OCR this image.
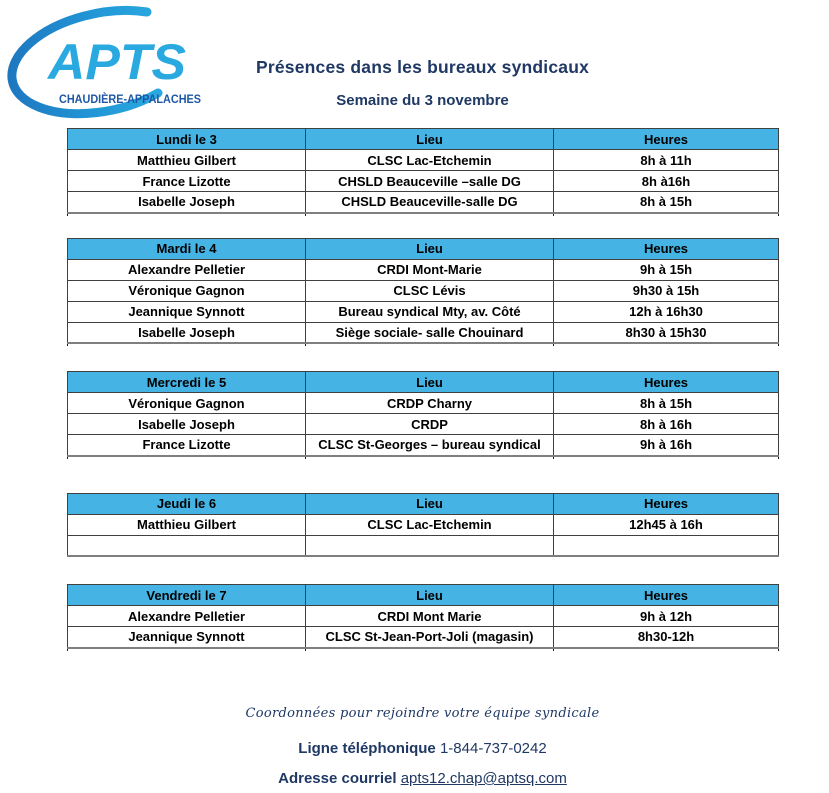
APTS
CHAUDIÈRE-APPALACHES
Présences dans les bureaux syndicaux
Semaine du 3 novembre
Lundi le 3	Lieu	Heures
Matthieu Gilbert	CLSC Lac-Etchemin	8h à 11h
France Lizotte	CHSLD Beauceville –salle DG	8h à16h
Isabelle Joseph	CHSLD Beauceville-salle DG	8h à 15h

Mardi le 4	Lieu	Heures
Alexandre Pelletier	CRDI Mont-Marie	9h à 15h
Véronique Gagnon	CLSC Lévis	9h30 à 15h
Jeannique Synnott	Bureau syndical Mty, av. Côté	12h à 16h30
Isabelle Joseph	Siège sociale- salle Chouinard	8h30 à 15h30

Mercredi le 5	Lieu	Heures
Véronique Gagnon	CRDP Charny	8h à 15h
Isabelle Joseph	CRDP	8h à 16h
France Lizotte	CLSC St-Georges – bureau syndical	9h à 16h

Jeudi le 6	Lieu	Heures
Matthieu Gilbert	CLSC Lac-Etchemin	12h45 à 16h

Vendredi le 7	Lieu	Heures
Alexandre Pelletier	CRDI Mont Marie	9h à 12h
Jeannique Synnott	CLSC St-Jean-Port-Joli (magasin)	8h30-12h

Coordonnées pour rejoindre votre équipe syndicale
Ligne téléphonique 1-844-737-0242
Adresse courriel apts12.chap@aptsq.com
